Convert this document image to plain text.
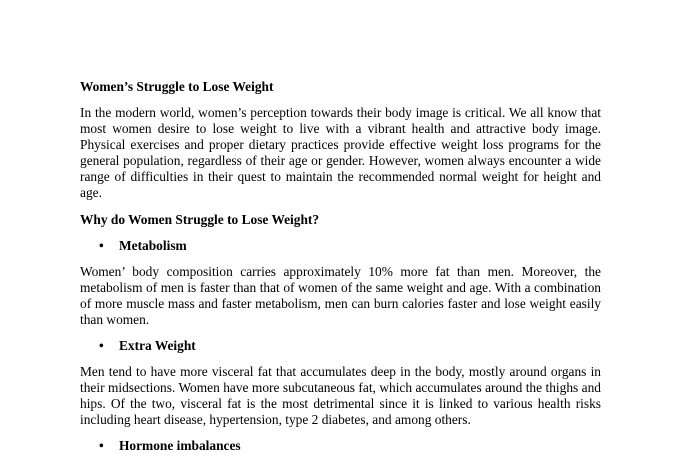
Women’s Struggle to Lose Weight

In the modern world, women’s perception towards their body image is critical. We all know that most women desire to lose weight to live with a vibrant health and attractive body image. Physical exercises and proper dietary practices provide effective weight loss programs for the general population, regardless of their age or gender. However, women always encounter a wide range of difficulties in their quest to maintain the recommended normal weight for height and age.

Why do Women Struggle to Lose Weight?
•	Metabolism

Women’ body composition carries approximately 10% more fat than men. Moreover, the metabolism of men is faster than that of women of the same weight and age. With a combination of more muscle mass and faster metabolism, men can burn calories faster and lose weight easily than women.

•	Extra Weight

Men tend to have more visceral fat that accumulates deep in the body, mostly around organs in their midsections. Women have more subcutaneous fat, which accumulates around the thighs and hips. Of the two, visceral fat is the most detrimental since it is linked to various health risks including heart disease, hypertension, type 2 diabetes, and among others.

•	Hormone imbalances
